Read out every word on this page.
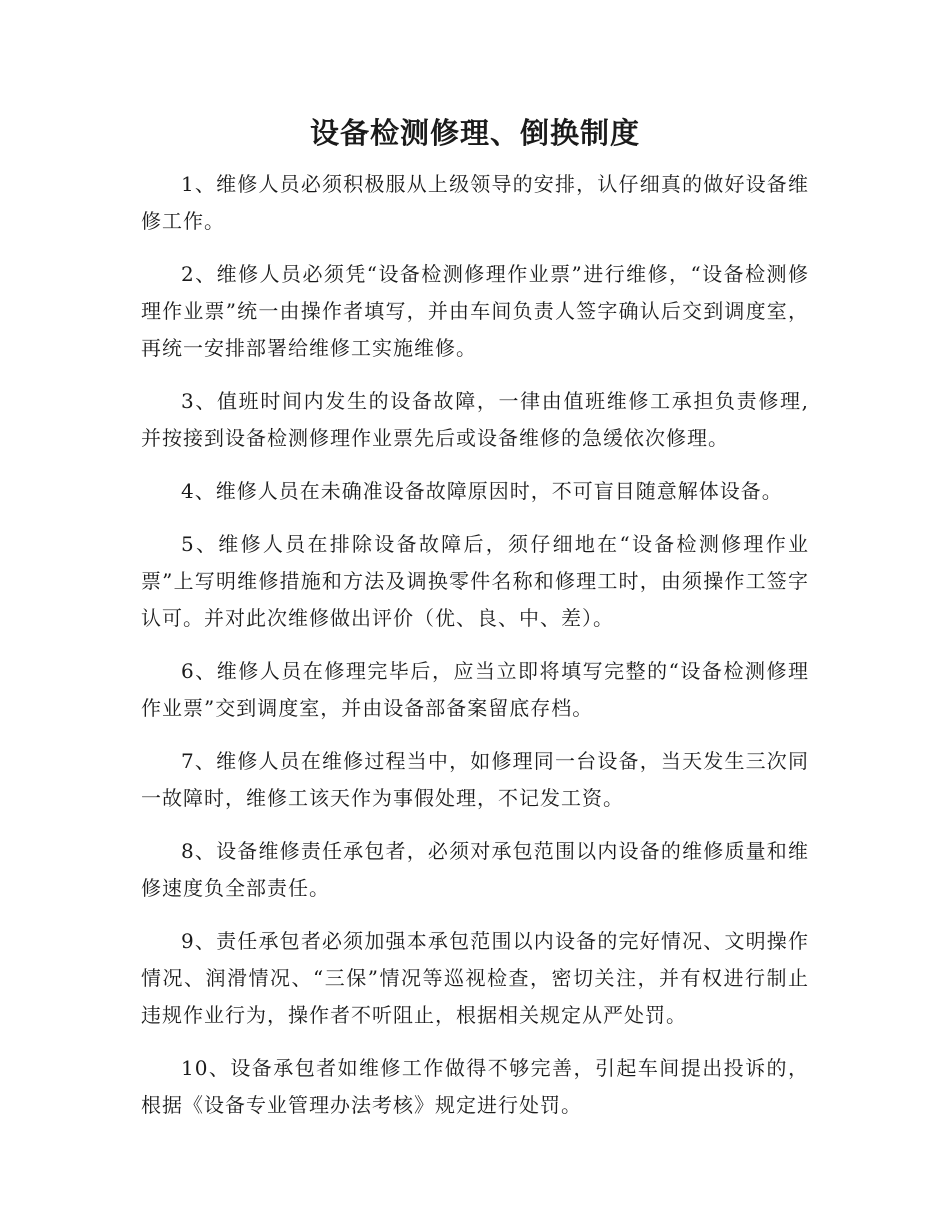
设备检测修理、倒换制度

1、维修人员必须积极服从上级领导的安排，认仔细真的做好设备维修工作。

2、维修人员必须凭“设备检测修理作业票”进行维修，“设备检测修理作业票”统一由操作者填写，并由车间负责人签字确认后交到调度室，再统一安排部署给维修工实施维修。

3、值班时间内发生的设备故障，一律由值班维修工承担负责修理,并按接到设备检测修理作业票先后或设备维修的急缓依次修理。

4、维修人员在未确准设备故障原因时，不可盲目随意解体设备。

5、维修人员在排除设备故障后，须仔细地在“设备检测修理作业票”上写明维修措施和方法及调换零件名称和修理工时，由须操作工签字认可。并对此次维修做出评价（优、良、中、差）。

6、维修人员在修理完毕后，应当立即将填写完整的“设备检测修理作业票”交到调度室，并由设备部备案留底存档。

7、维修人员在维修过程当中，如修理同一台设备，当天发生三次同一故障时，维修工该天作为事假处理，不记发工资。

8、设备维修责任承包者，必须对承包范围以内设备的维修质量和维修速度负全部责任。

9、责任承包者必须加强本承包范围以内设备的完好情况、文明操作情况、润滑情况、“三保”情况等巡视检查，密切关注，并有权进行制止违规作业行为，操作者不听阻止，根据相关规定从严处罚。

10、设备承包者如维修工作做得不够完善，引起车间提出投诉的，根据《设备专业管理办法考核》规定进行处罚。
